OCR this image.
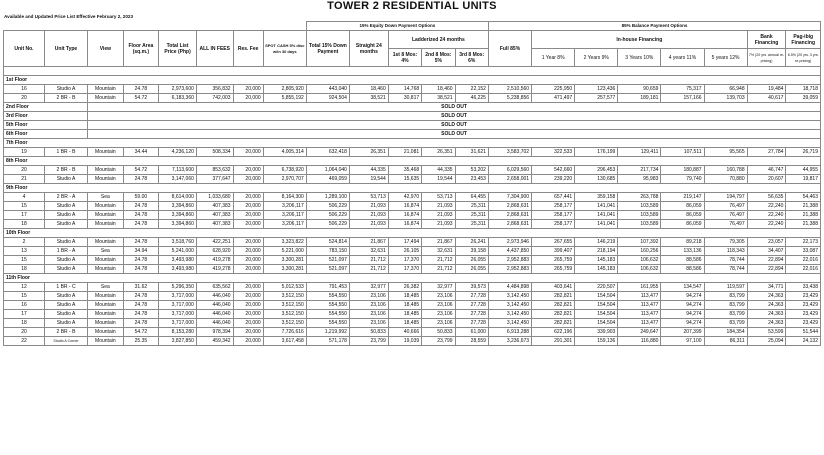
TOWER 2 RESIDENTIAL UNITS
Available and Updated Price List Effective February 2, 2023
								15% Equity Down Payment Options					85% Balance Payment Options							
Unit No.	Unit Type	View	Floor Area (sq.m.)	Total List Price (Php)	ALL IN FEES	Res. Fee	SPOT CASH 5% disc w/in 30 days	Total 15% Down Payment	Straight 24 months	Ladderized 24 months			Full 85%	In-house Financing					Bank Financing	Pag-ibig Financing
										1st 8 Mos: 4%	2nd 8 Mos: 5%	3rd 8 Mos: 6%		1 Year 8%	2 Years 9%	3 Years 10%	4 years 11%	5 years 12%	7% (20 yrs. annual re-pricing)	6.5% (20 yrs. 3 yrs. re-pricing)

1st Floor																				
16	Studio A	Mountain	24.78	2,973,600	356,832	20,000	2,805,920	443,040	18,460	14,768	18,460	22,152	2,510,560	225,950	123,436	90,659	75,317	66,948	19,484	18,718
20	2 BR - B	Mountain	54.72	6,183,360	742,003	20,000	5,855,192	924,504	38,521	30,817	38,521	46,225	5,238,856	471,497	257,577	189,181	157,166	139,703	40,617	39,059
2nd Floor		SOLD OUT																		
3rd Floor		SOLD OUT																		
5th Floor		SOLD OUT																		
6th Floor		SOLD OUT																		
7th Floor																				
19	1 BR - B	Mountain	34.44	4,236,120	508,334	20,000	4,005,314	632,418	26,351	21,081	26,351	31,621	3,583,702	322,533	176,199	129,411	107,511	95,565	27,784	26,719
8th Floor																				
20	2 BR - B	Mountain	54.72	7,113,600	853,632	20,000	6,738,920	1,064,040	44,335	35,468	44,335	53,202	6,029,560	542,660	296,453	217,734	180,887	160,788	46,747	44,955
21	Studio A	Mountain	24.78	3,147,060	377,647	20,000	2,970,707	469,059	19,544	15,635	19,544	23,453	2,658,001	239,220	130,685	95,983	79,740	70,880	20,607	19,817
9th Floor																				
4	2 BR - A	Sea	59.00	8,614,000	1,033,680	20,000	8,164,300	1,289,100	53,713	42,970	53,713	64,455	7,304,900	657,441	359,158	263,788	219,147	194,797	56,635	54,463
15	Studio A	Mountain	24.78	3,394,860	407,383	20,000	3,206,117	506,229	21,093	16,874	21,093	25,311	2,868,631	258,177	141,041	103,589	86,059	76,497	22,240	21,388
17	Studio A	Mountain	24.78	3,394,860	407,383	20,000	3,206,117	506,229	21,093	16,874	21,093	25,311	2,868,631	258,177	141,041	103,589	86,059	76,497	22,240	21,388
18	Studio A	Mountain	24.78	3,394,860	407,383	20,000	3,206,117	506,229	21,093	16,874	21,093	25,311	2,868,631	258,177	141,041	103,589	86,059	76,497	22,240	21,388
10th Floor																				
2	Studio A	Mountain	24.78	3,518,760	422,251	20,000	3,323,822	524,814	21,867	17,494	21,867	26,241	2,973,946	267,655	146,219	107,392	89,218	79,305	23,057	22,173
13	1 BR - A	Sea	34.94	5,241,000	628,920	20,000	5,221,000	783,150	32,631	26,105	32,631	39,158	4,437,850	399,407	218,194	160,256	133,136	118,343	34,407	33,087
15	Studio A	Mountain	24.78	3,493,980	419,278	20,000	3,300,281	521,097	21,712	17,370	21,712	26,055	2,952,883	265,759	145,183	106,632	88,586	78,744	22,894	22,016
18	Studio A	Mountain	24.78	3,493,980	419,278	20,000	3,300,281	521,097	21,712	17,370	21,712	26,055	2,952,883	265,759	145,183	106,632	88,586	78,744	22,894	22,016
11th Floor																				
12	1 BR - C	Sea	31.62	5,296,350	635,562	20,000	5,012,533	791,453	32,977	26,382	32,977	39,573	4,484,898	403,641	220,507	161,955	134,547	119,597	34,771	33,438
15	Studio A	Mountain	24.78	3,717,000	446,040	20,000	3,512,150	554,550	23,106	18,485	23,106	27,728	3,142,450	282,821	154,504	113,477	94,274	83,799	24,363	23,429
16	Studio A	Mountain	24.78	3,717,000	446,040	20,000	3,512,150	554,550	23,106	18,485	23,106	27,728	3,142,450	282,821	154,504	113,477	94,274	83,799	24,363	23,429
17	Studio A	Mountain	24.78	3,717,000	446,040	20,000	3,512,150	554,550	23,106	18,485	23,106	27,728	3,142,450	282,821	154,504	113,477	94,274	83,799	24,363	23,429
18	Studio A	Mountain	24.78	3,717,000	446,040	20,000	3,512,150	554,550	23,106	18,485	23,106	27,728	3,142,450	282,821	154,504	113,477	94,274	83,799	24,363	23,429
20	2 BR - B	Mountain	54.72	8,153,280	978,394	20,000	7,726,616	1,219,992	50,833	40,666	50,833	61,000	6,913,288	622,196	339,903	249,647	207,399	184,354	53,599	51,544
22	Studio A Corner	Mountain	25.35	3,827,850	459,342	20,000	3,617,458	571,178	23,799	19,039	23,799	28,559	3,236,673	291,301	159,136	116,880	97,100	86,311	25,094	24,132
